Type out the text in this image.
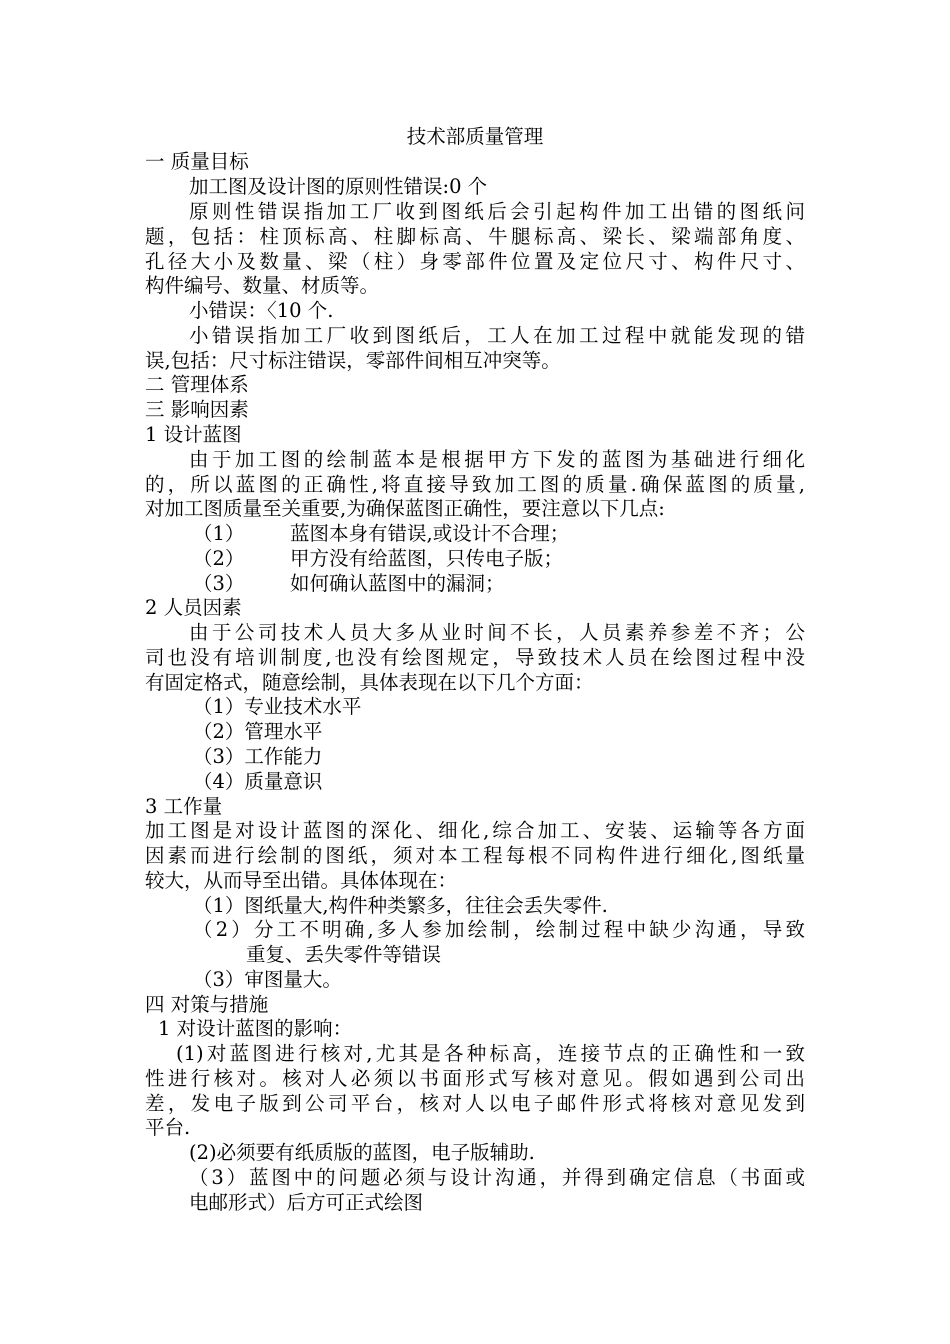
技术部质量管理
一 质量目标
加工图及设计图的原则性错误:0 个
原则性错误指加工厂收到图纸后会引起构件加工出错的图纸问
题，包括：柱顶标高、柱脚标高、牛腿标高、梁长、梁端部角度、
孔径大小及数量、梁（柱）身零部件位置及定位尺寸、构件尺寸、
构件编号、数量、材质等。
小错误：〈10 个.
小错误指加工厂收到图纸后，工人在加工过程中就能发现的错
误,包括：尺寸标注错误，零部件间相互冲突等。
二 管理体系
三 影响因素
1 设计蓝图
由于加工图的绘制蓝本是根据甲方下发的蓝图为基础进行细化
的，所以蓝图的正确性,将直接导致加工图的质量.确保蓝图的质量,
对加工图质量至关重要,为确保蓝图正确性，要注意以下几点:
（1） 蓝图本身有错误,或设计不合理；
（2） 甲方没有给蓝图，只传电子版；
（3） 如何确认蓝图中的漏洞；
2 人员因素
由于公司技术人员大多从业时间不长，人员素养参差不齐；公
司也没有培训制度,也没有绘图规定，导致技术人员在绘图过程中没
有固定格式，随意绘制，具体表现在以下几个方面：
（1）专业技术水平
（2）管理水平
（3）工作能力
（4）质量意识
3 工作量
加工图是对设计蓝图的深化、细化,综合加工、安装、运输等各方面
因素而进行绘制的图纸，须对本工程每根不同构件进行细化,图纸量
较大，从而导至出错。具体体现在：
（1）图纸量大,构件种类繁多，往往会丢失零件.
（2）分工不明确,多人参加绘制，绘制过程中缺少沟通，导致
重复、丢失零件等错误
（3）审图量大。
四 对策与措施
1 对设计蓝图的影响：
(1)对蓝图进行核对,尤其是各种标高，连接节点的正确性和一致
性进行核对。核对人必须以书面形式写核对意见。假如遇到公司出
差，发电子版到公司平台，核对人以电子邮件形式将核对意见发到
平台.
(2)必须要有纸质版的蓝图，电子版辅助.
（3）蓝图中的问题必须与设计沟通，并得到确定信息（书面或
电邮形式）后方可正式绘图
